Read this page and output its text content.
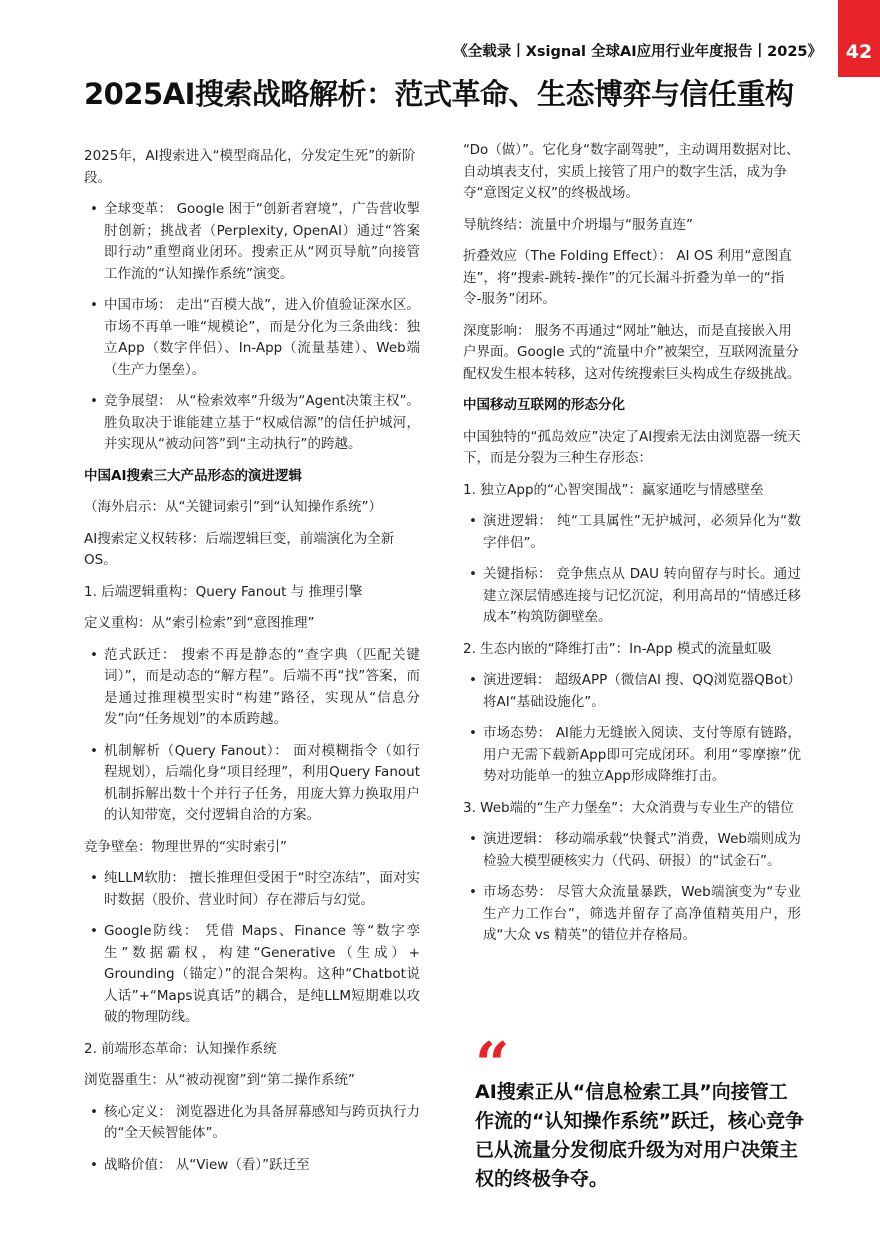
《全载录丨Xsignal 全球AI应用行业年度报告丨2025》 42
2025AI搜索战略解析：范式革命、生态博弈与信任重构

2025年，AI搜索进入“模型商品化，分发定生死”的新阶段。

• 全球变革： Google 困于“创新者窘境”，广告营收掣肘创新；挑战者（Perplexity, OpenAI）通过“答案即行动”重塑商业闭环。搜索正从“网页导航”向接管工作流的“认知操作系统”演变。
• 中国市场： 走出“百模大战”，进入价值验证深水区。市场不再单一唯“规模论”，而是分化为三条曲线：独立App（数字伴侣）、In-App（流量基建）、Web端（生产力堡垒）。
• 竞争展望： 从“检索效率”升级为“Agent决策主权”。胜负取决于谁能建立基于“权威信源”的信任护城河，并实现从“被动问答”到“主动执行”的跨越。
中国AI搜索三大产品形态的演进逻辑

（海外启示：从“关键词索引”到“认知操作系统”）

AI搜索定义权转移：后端逻辑巨变，前端演化为全新OS。

1. 后端逻辑重构：Query Fanout 与 推理引擎

定义重构：从“索引检索”到“意图推理”

• 范式跃迁： 搜索不再是静态的“查字典（匹配关键词）”，而是动态的“解方程”。后端不再“找”答案，而是通过推理模型实时“构建”路径，实现从“信息分发”向“任务规划”的本质跨越。
• 机制解析（Query Fanout）： 面对模糊指令（如行程规划），后端化身“项目经理”，利用Query Fanout 机制拆解出数十个并行子任务，用庞大算力换取用户的认知带宽，交付逻辑自洽的方案。

竞争壁垒：物理世界的“实时索引”

• 纯LLM软肋： 擅长推理但受困于“时空冻结”，面对实时数据（股价、营业时间）存在滞后与幻觉。
• Google防线： 凭借 Maps、Finance 等“数字孪生”数据霸权，构建“Generative（生成）+ Grounding（锚定）”的混合架构。这种“Chatbot说人话”+“Maps说真话”的耦合，是纯LLM短期难以攻破的物理防线。

2. 前端形态革命：认知操作系统

浏览器重生：从“被动视窗”到“第二操作系统”

• 核心定义： 浏览器进化为具备屏幕感知与跨页执行力的“全天候智能体”。
• 战略价值： 从“View（看）”跃迁至

“Do（做）”。它化身“数字副驾驶”，主动调用数据对比、自动填表支付，实质上接管了用户的数字生活，成为争夺“意图定义权”的终极战场。

导航终结：流量中介坍塌与“服务直连”

折叠效应（The Folding Effect）： AI OS 利用“意图直连”，将“搜索-跳转-操作”的冗长漏斗折叠为单一的“指令-服务”闭环。

深度影响： 服务不再通过“网址”触达，而是直接嵌入用户界面。Google 式的“流量中介”被架空，互联网流量分配权发生根本转移，这对传统搜索巨头构成生存级挑战。

中国移动互联网的形态分化

中国独特的“孤岛效应”决定了AI搜索无法由浏览器一统天下，而是分裂为三种生存形态：

1. 独立App的“心智突围战”：赢家通吃与情感壁垒

• 演进逻辑： 纯“工具属性”无护城河，必须异化为“数字伴侣”。
• 关键指标： 竞争焦点从 DAU 转向留存与时长。通过建立深层情感连接与记忆沉淀，利用高昂的“情感迁移成本”构筑防御壁垒。

2. 生态内嵌的“降维打击”：In-App 模式的流量虹吸

• 演进逻辑： 超级APP（微信AI 搜、QQ浏览器QBot）将AI“基础设施化”。
• 市场态势： AI能力无缝嵌入阅读、支付等原有链路，用户无需下载新App即可完成闭环。利用“零摩擦”优势对功能单一的独立App形成降维打击。

3. Web端的“生产力堡垒”：大众消费与专业生产的错位

• 演进逻辑： 移动端承载“快餐式”消费，Web端则成为检验大模型硬核实力（代码、研报）的“试金石”。
• 市场态势： 尽管大众流量暴跌，Web端演变为“专业生产力工作台”，筛选并留存了高净值精英用户，形成“大众 vs 精英”的错位并存格局。
“
AI搜索正从“信息检索工具”向接管工作流的“认知操作系统”跃迁，核心竞争已从流量分发彻底升级为对用户决策主权的终极争夺。
